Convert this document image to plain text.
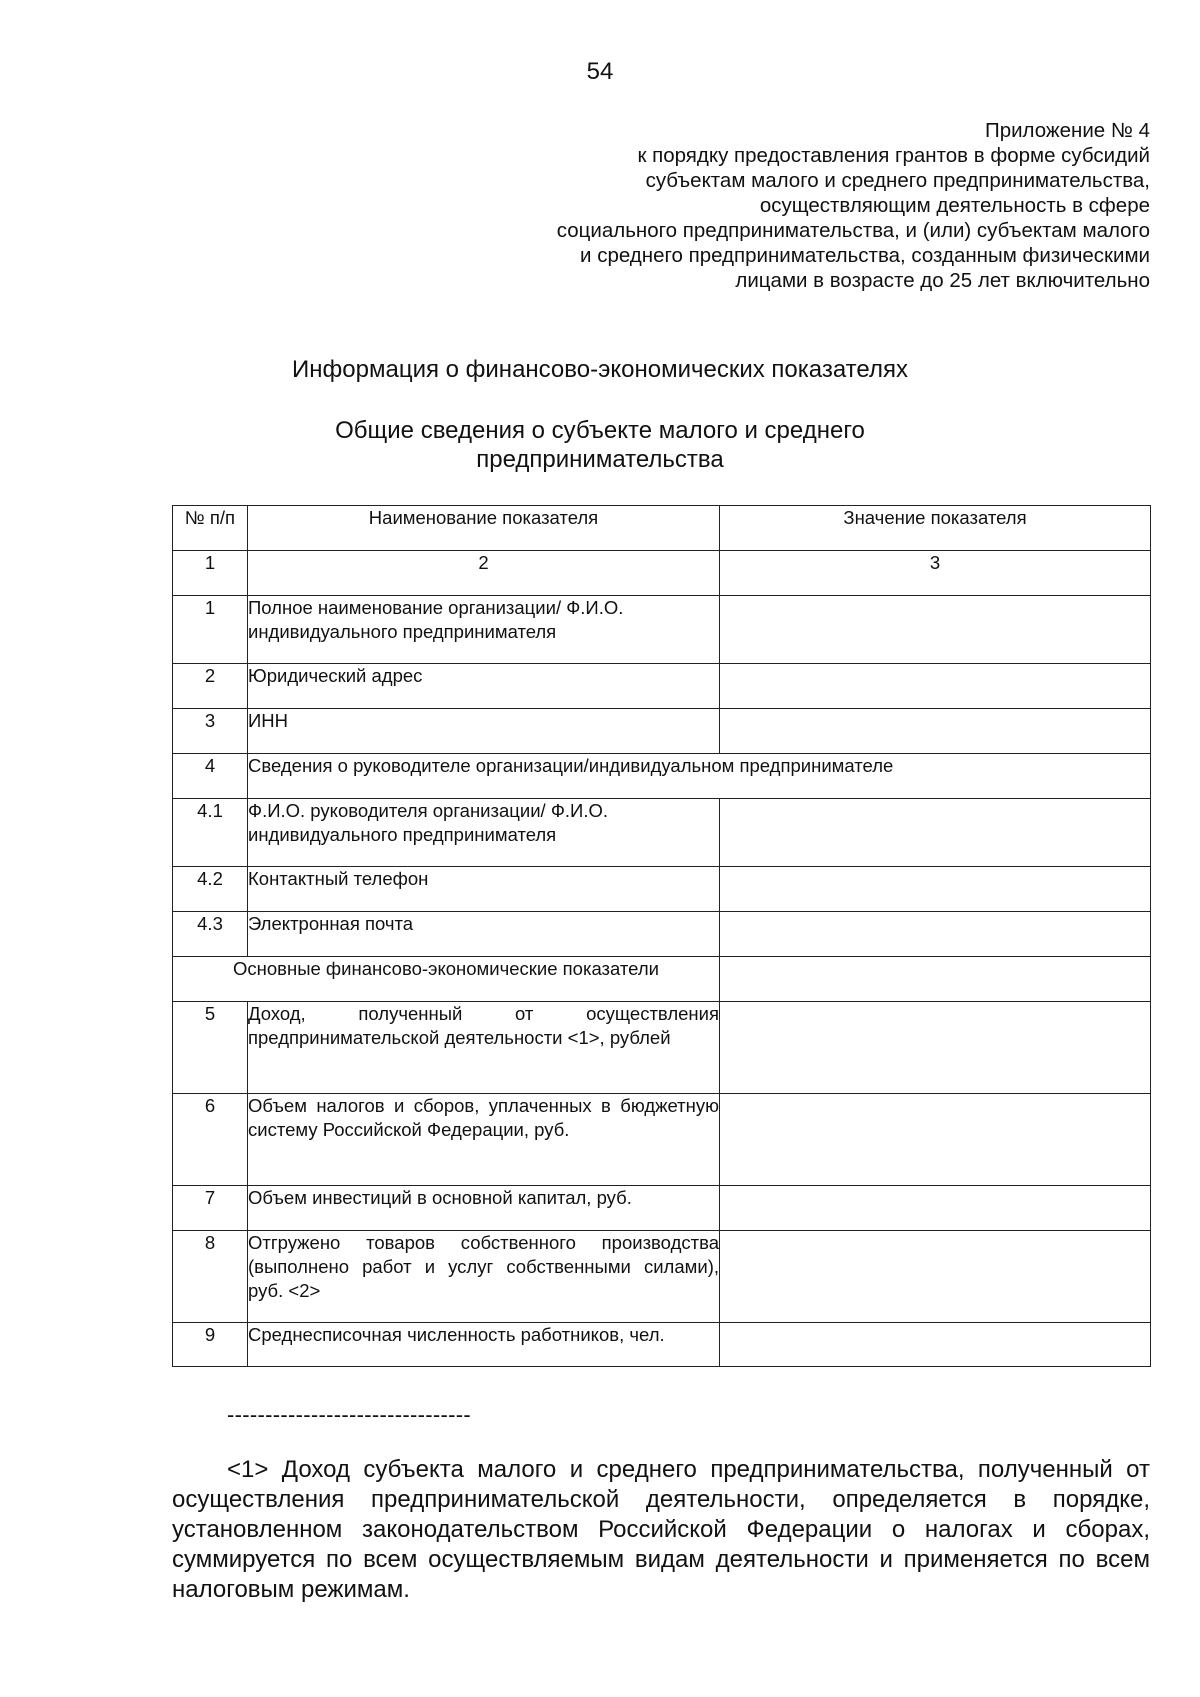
54
Приложение № 4
к порядку предоставления грантов в форме субсидий
субъектам малого и среднего предпринимательства,
осуществляющим деятельность в сфере
социального предпринимательства, и (или) субъектам малого
и среднего предпринимательства, созданным физическими
лицами в возрасте до 25 лет включительно
Информация о финансово-экономических показателях
Общие сведения о субъекте малого и среднего
предпринимательства
№ п/п	Наименование показателя	Значение показателя
1	2	3
1	Полное наименование организации/ Ф.И.О. индивидуального предпринимателя	
2	Юридический адрес	
3	ИНН	
4	Сведения о руководителе организации/индивидуальном предпринимателе	
4.1	Ф.И.О. руководителя организации/ Ф.И.О. индивидуального предпринимателя	
4.2	Контактный телефон	
4.3	Электронная почта	
Основные финансово-экономические показатели		
5	Доход, полученный от осуществления предпринимательской деятельности <1>, рублей	
6	Объем налогов и сборов, уплаченных в бюджетную систему Российской Федерации, руб.	
7	Объем инвестиций в основной капитал, руб.	
8	Отгружено товаров собственного производства (выполнено работ и услуг собственными силами), руб. <2>	
9	Среднесписочная численность работников, чел.	
--------------------------------
<1> Доход субъекта малого и среднего предпринимательства, полученный от осуществления предпринимательской деятельности, определяется в порядке, установленном законодательством Российской Федерации о налогах и сборах, суммируется по всем осуществляемым видам деятельности и применяется по всем налоговым режимам.
